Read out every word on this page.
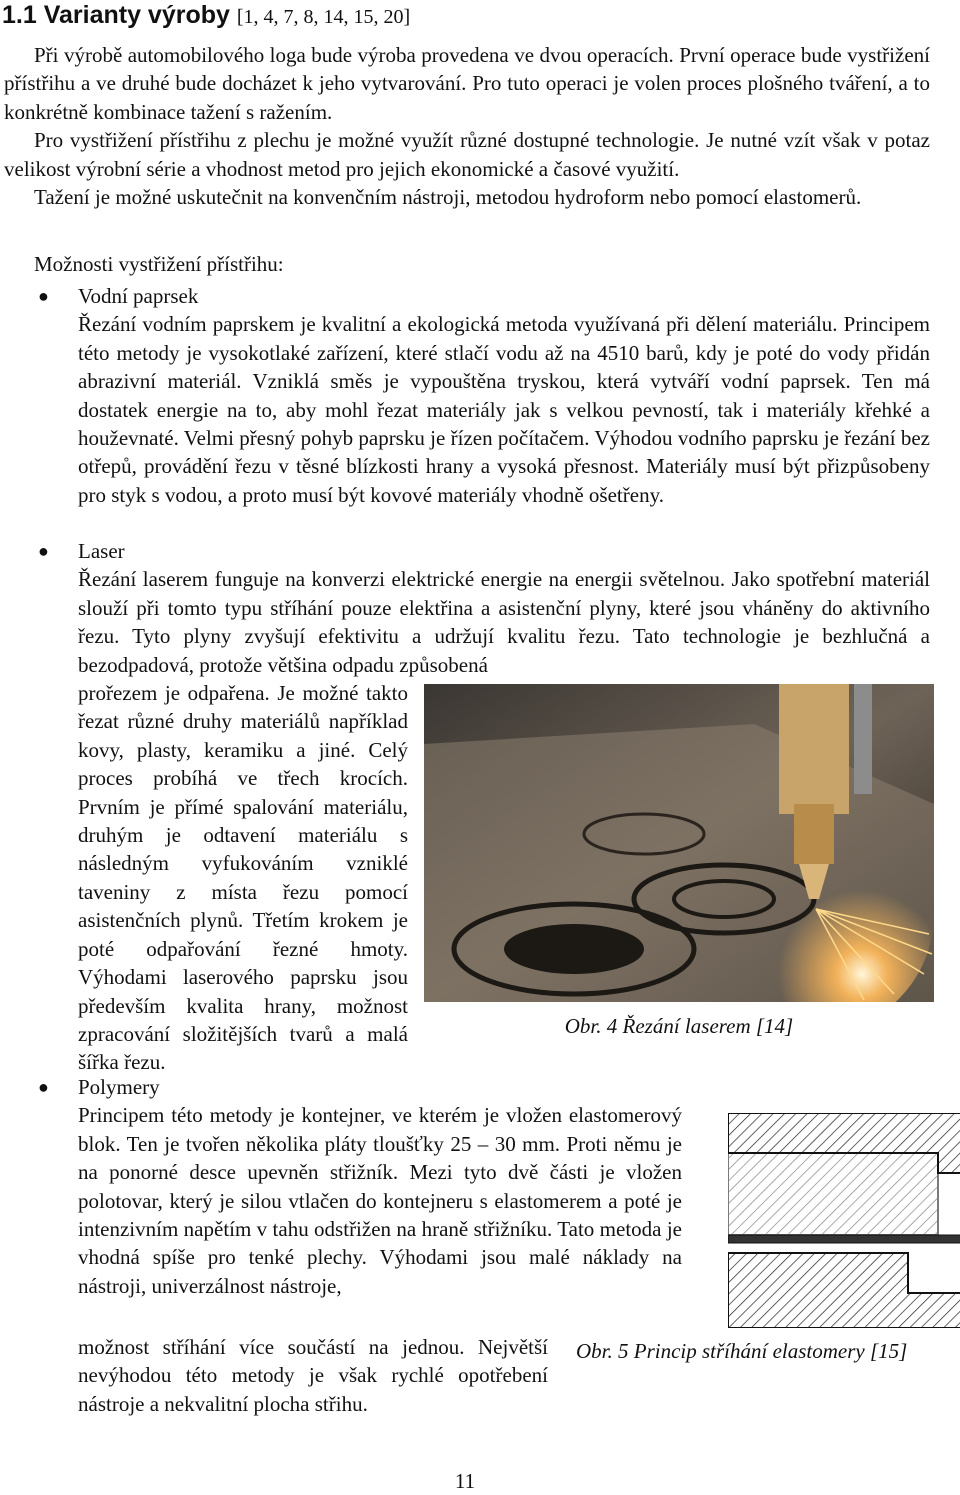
1.1 Varianty výroby [1, 4, 7, 8, 14, 15, 20]

Při výrobě automobilového loga bude výroba provedena ve dvou operacích. První operace bude vystřižení přístřihu a ve druhé bude docházet k jeho vytvarování. Pro tuto operaci je volen proces plošného tváření, a to konkrétně kombinace tažení s ražením.

Pro vystřižení přístřihu z plechu je možné využít různé dostupné technologie. Je nutné vzít však v potaz velikost výrobní série a vhodnost metod pro jejich ekonomické a časové využití.

Tažení je možné uskutečnit na konvenčním nástroji, metodou hydroform nebo pomocí elastomerů.

Možnosti vystřižení přístřihu:
● Vodní paprsek

Řezání vodním paprskem je kvalitní a ekologická metoda využívaná při dělení materiálu. Principem této metody je vysokotlaké zařízení, které stlačí vodu až na 4510 barů, kdy je poté do vody přidán abrazivní materiál. Vzniklá směs je vypouštěna tryskou, která vytváří vodní paprsek. Ten má dostatek energie na to, aby mohl řezat materiály jak s velkou pevností, tak i materiály křehké a houževnaté. Velmi přesný pohyb paprsku je řízen počítačem. Výhodou vodního paprsku je řezání bez otřepů, provádění řezu v těsné blízkosti hrany a vysoká přesnost. Materiály musí být přizpůsobeny pro styk s vodou, a proto musí být kovové materiály vhodně ošetřeny.

● Laser

Řezání laserem funguje na konverzi elektrické energie na energii světelnou. Jako spotřební materiál slouží při tomto typu stříhání pouze elektřina a asistenční plyny, které jsou vháněny do aktivního řezu. Tyto plyny zvyšují efektivitu a udržují kvalitu řezu. Tato technologie je bezhlučná a bezodpadová, protože většina odpadu způsobená

Obr. 4 Řezání laserem [14]

prořezem je odpařena. Je možné takto řezat různé druhy materiálů například kovy, plasty, keramiku a jiné. Celý proces probíhá ve třech krocích. Prvním je přímé spalování materiálu, druhým je odtavení materiálu s následným vyfukováním vzniklé taveniny z místa řezu pomocí asistenčních plynů. Třetím krokem je poté odpařování řezné hmoty. Výhodami laserového paprsku jsou především kvalita hrany, možnost zpracování složitějších tvarů a malá šířka řezu.

● Polymery

Principem této metody je kontejner, ve kterém je vložen elastomerový blok. Ten je tvořen několika pláty tloušťky 25 – 30 mm. Proti němu je na ponorné desce upevněn střižník. Mezi tyto dvě části je vložen polotovar, který je silou vtlačen do kontejneru s elastomerem a poté je intenzivním napětím v tahu odstřižen na hraně střižníku. Tato metoda je vhodná spíše pro tenké plechy. Výhodami jsou malé náklady na nástroji, univerzálnost nástroje,

možnost stříhání více součástí na jednou. Největší nevýhodou této metody je však rychlé opotřebení nástroje a nekvalitní plocha střihu.

Obr. 5 Princip stříhání elastomery [15]
11
